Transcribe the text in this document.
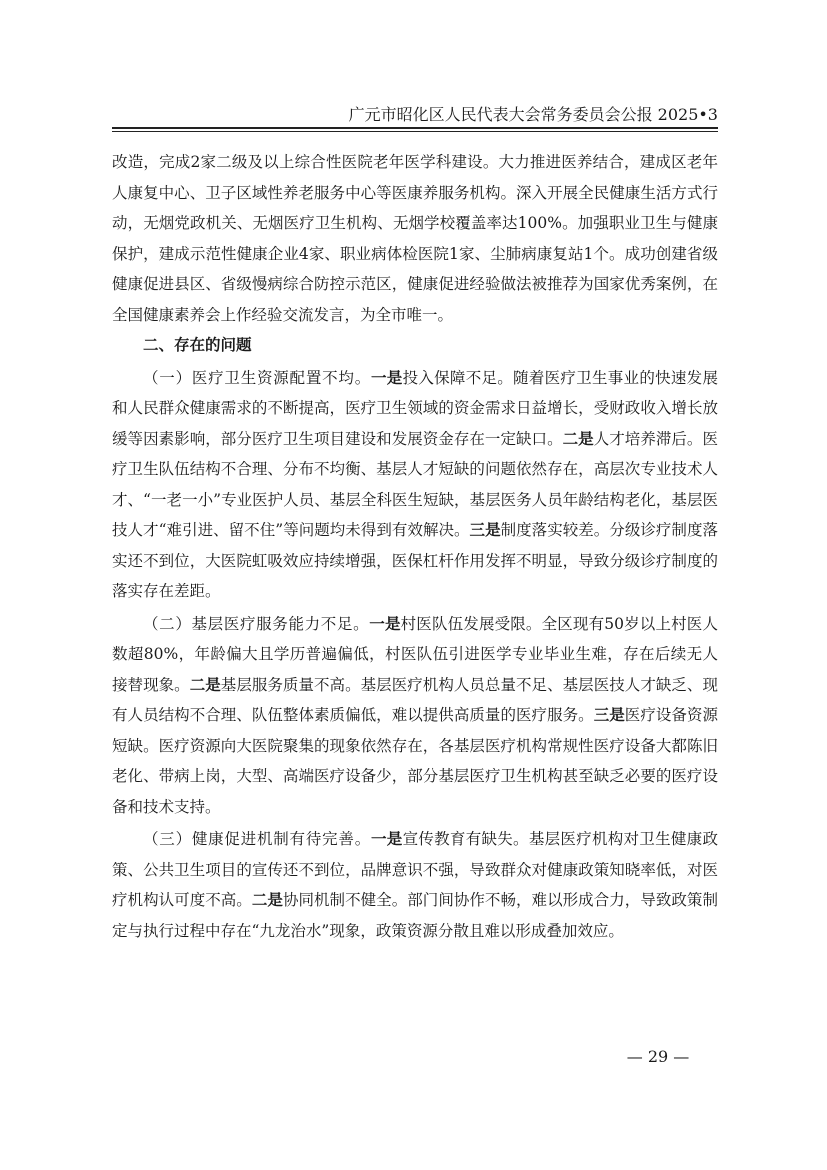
广元市昭化区人民代表大会常务委员会公报 2025•3

改造，完成2家二级及以上综合性医院老年医学科建设。大力推进医养结合，建成区老年人康复中心、卫子区域性养老服务中心等医康养服务机构。深入开展全民健康生活方式行动，无烟党政机关、无烟医疗卫生机构、无烟学校覆盖率达100%。加强职业卫生与健康保护，建成示范性健康企业4家、职业病体检医院1家、尘肺病康复站1个。成功创建省级健康促进县区、省级慢病综合防控示范区，健康促进经验做法被推荐为国家优秀案例，在全国健康素养会上作经验交流发言，为全市唯一。

二、存在的问题

（一）医疗卫生资源配置不均。一是投入保障不足。随着医疗卫生事业的快速发展和人民群众健康需求的不断提高，医疗卫生领域的资金需求日益增长，受财政收入增长放缓等因素影响，部分医疗卫生项目建设和发展资金存在一定缺口。二是人才培养滞后。医疗卫生队伍结构不合理、分布不均衡、基层人才短缺的问题依然存在，高层次专业技术人才、“一老一小”专业医护人员、基层全科医生短缺，基层医务人员年龄结构老化，基层医技人才“难引进、留不住”等问题均未得到有效解决。三是制度落实较差。分级诊疗制度落实还不到位，大医院虹吸效应持续增强，医保杠杆作用发挥不明显，导致分级诊疗制度的落实存在差距。

（二）基层医疗服务能力不足。一是村医队伍发展受限。全区现有50岁以上村医人数超80%，年龄偏大且学历普遍偏低，村医队伍引进医学专业毕业生难，存在后续无人接替现象。二是基层服务质量不高。基层医疗机构人员总量不足、基层医技人才缺乏、现有人员结构不合理、队伍整体素质偏低，难以提供高质量的医疗服务。三是医疗设备资源短缺。医疗资源向大医院聚集的现象依然存在，各基层医疗机构常规性医疗设备大都陈旧老化、带病上岗，大型、高端医疗设备少，部分基层医疗卫生机构甚至缺乏必要的医疗设备和技术支持。

（三）健康促进机制有待完善。一是宣传教育有缺失。基层医疗机构对卫生健康政策、公共卫生项目的宣传还不到位，品牌意识不强，导致群众对健康政策知晓率低，对医疗机构认可度不高。二是协同机制不健全。部门间协作不畅，难以形成合力，导致政策制定与执行过程中存在“九龙治水”现象，政策资源分散且难以形成叠加效应。

— 29 —
